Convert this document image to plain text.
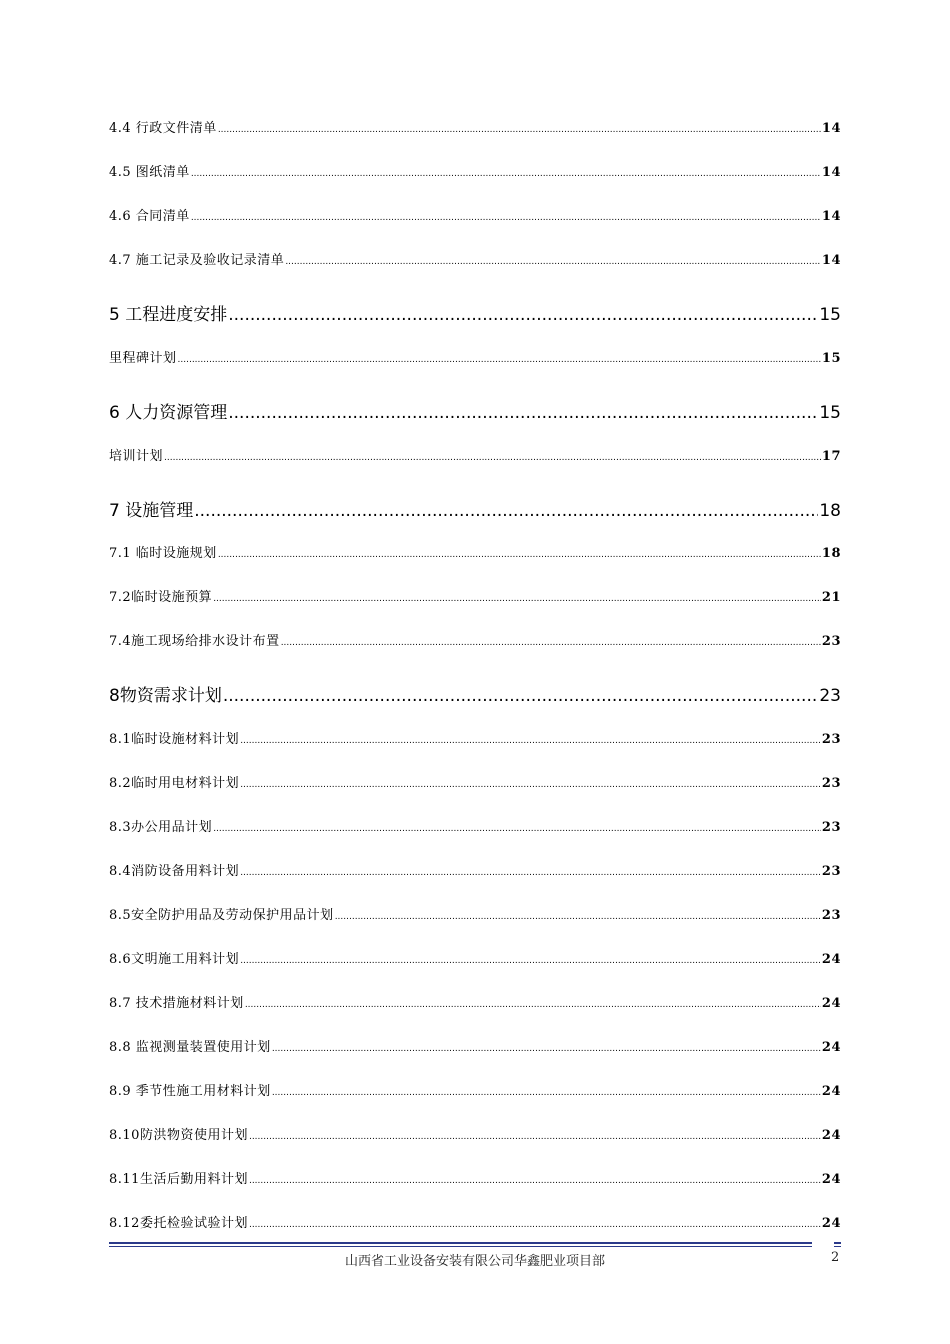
4.4 行政文件清单 .....	14
4.5 图纸清单 .....	14
4.6 合同清单 .....	14
4.7 施工记录及验收记录清单 .....	14
5 工程进度安排 .....	15
里程碑计划 .....	15
6 人力资源管理 .....	15
培训计划 .....	17
7 设施管理 .....	18
7.1 临时设施规划 .....	18
7.2临时设施预算 .....	21
7.4施工现场给排水设计布置 .....	23
8物资需求计划 .....	23
8.1临时设施材料计划 .....	23
8.2临时用电材料计划 .....	23
8.3办公用品计划 .....	23
8.4消防设备用料计划 .....	23
8.5安全防护用品及劳动保护用品计划 .....	23
8.6文明施工用料计划 .....	24
8.7 技术措施材料计划 .....	24
8.8 监视测量装置使用计划 .....	24
8.9 季节性施工用材料计划 .....	24
8.10防洪物资使用计划 .....	24
8.11生活后勤用料计划 .....	24
8.12委托检验试验计划 .....	24
山西省工业设备安装有限公司华鑫肥业项目部	2
